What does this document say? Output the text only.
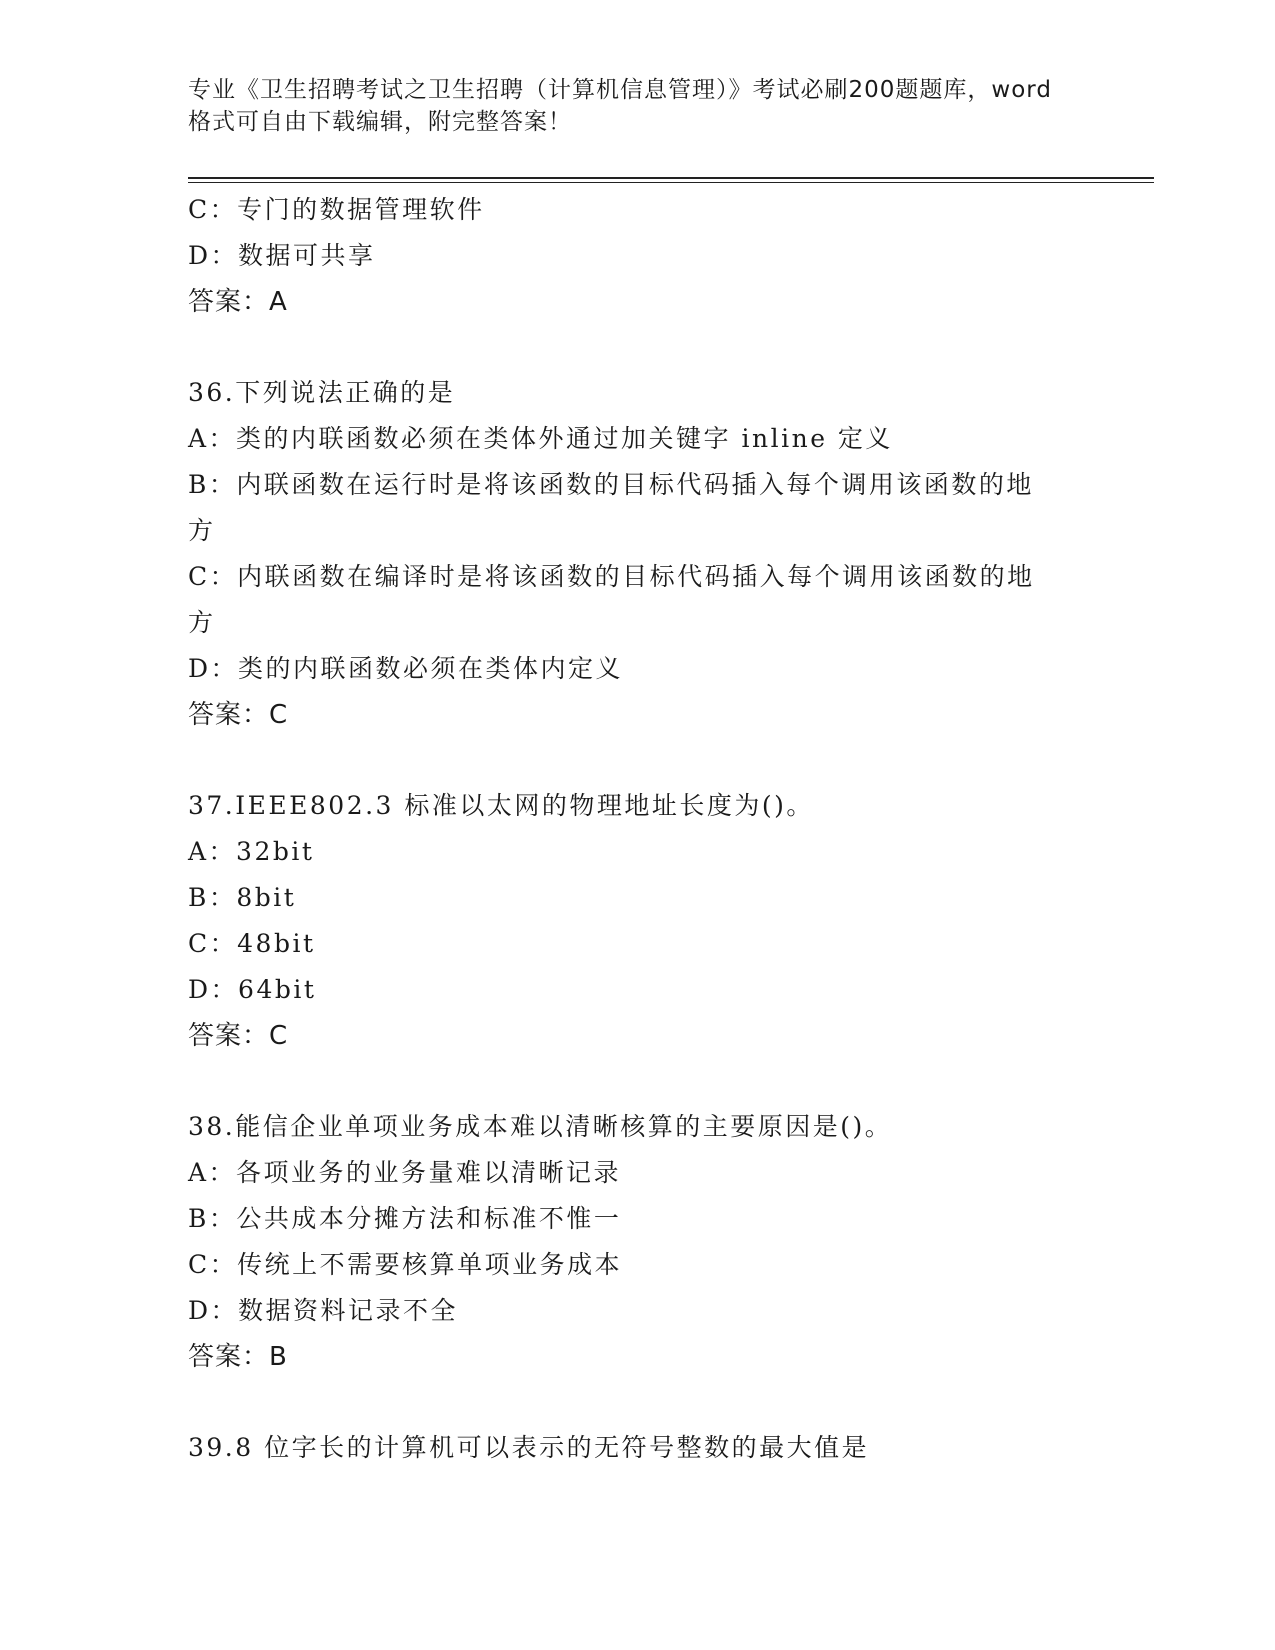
专业《卫生招聘考试之卫生招聘（计算机信息管理）》考试必刷200题题库，word
格式可自由下载编辑，附完整答案！
C：专门的数据管理软件
D：数据可共享
答案：A
36.下列说法正确的是
A：类的内联函数必须在类体外通过加关键字 inline 定义
B：内联函数在运行时是将该函数的目标代码插入每个调用该函数的地
方
C：内联函数在编译时是将该函数的目标代码插入每个调用该函数的地
方
D：类的内联函数必须在类体内定义
答案：C
37.IEEE802.3 标准以太网的物理地址长度为()。
A：32bit
B：8bit
C：48bit
D：64bit
答案：C
38.能信企业单项业务成本难以清晰核算的主要原因是()。
A：各项业务的业务量难以清晰记录
B：公共成本分摊方法和标准不惟一
C：传统上不需要核算单项业务成本
D：数据资料记录不全
答案：B
39.8 位字长的计算机可以表示的无符号整数的最大值是
